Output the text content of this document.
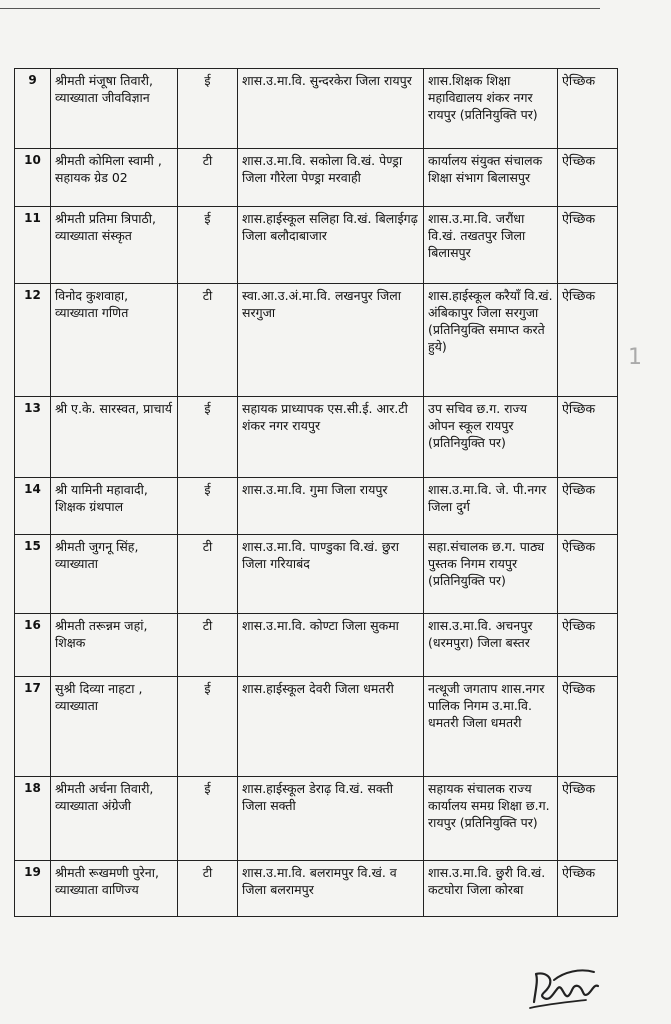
9	श्रीमती मंजूषा तिवारी, व्याख्याता जीवविज्ञान	ई	शास.उ.मा.वि. सुन्दरकेरा जिला रायपुर	शास.शिक्षक शिक्षा महाविद्यालय शंकर नगर रायपुर (प्रतिनियुक्ति पर)	ऐच्छिक
10	श्रीमती कोमिला स्वामी , सहायक ग्रेड 02	टी	शास.उ.मा.वि. सकोला वि.खं. पेण्ड्रा जिला गौरेला पेण्ड्रा मरवाही	कार्यालय संयुक्त संचालक शिक्षा संभाग बिलासपुर	ऐच्छिक
11	श्रीमती प्रतिमा त्रिपाठी, व्याख्याता संस्कृत	ई	शास.हाईस्कूल सलिहा वि.खं. बिलाईगढ़ जिला बलौदाबाजार	शास.उ.मा.वि. जरौंधा वि.खं. तखतपुर जिला बिलासपुर	ऐच्छिक
12	विनोद कुशवाहा, व्याख्याता गणित	टी	स्वा.आ.उ.अं.मा.वि. लखनपुर जिला सरगुजा	शास.हाईस्कूल करैयाँ वि.खं. अंबिकापुर जिला सरगुजा (प्रतिनियुक्ति समाप्त करते हुये)	ऐच्छिक
13	श्री ए.के. सारस्वत, प्राचार्य	ई	सहायक प्राध्यापक एस.सी.ई. आर.टी शंकर नगर रायपुर	उप सचिव छ.ग. राज्य ओपन स्कूल रायपुर (प्रतिनियुक्ति पर)	ऐच्छिक
14	श्री यामिनी महावादी, शिक्षक ग्रंथपाल	ई	शास.उ.मा.वि. गुमा जिला रायपुर	शास.उ.मा.वि. जे. पी.नगर जिला दुर्ग	ऐच्छिक
15	श्रीमती जुगनू सिंह, व्याख्याता	टी	शास.उ.मा.वि. पाण्डुका वि.खं. छुरा जिला गरियाबंद	सहा.संचालक छ.ग. पाठ्य पुस्तक निगम रायपुर (प्रतिनियुक्ति पर)	ऐच्छिक
16	श्रीमती तरून्नम जहां, शिक्षक	टी	शास.उ.मा.वि. कोण्टा जिला सुकमा	शास.उ.मा.वि. अचनपुर (धरमपुरा) जिला बस्तर	ऐच्छिक
17	सुश्री दिव्या नाहटा , व्याख्याता	ई	शास.हाईस्कूल देवरी जिला धमतरी	नत्थूजी जगताप शास.नगर पालिक निगम उ.मा.वि. धमतरी जिला धमतरी	ऐच्छिक
18	श्रीमती अर्चना तिवारी, व्याख्याता अंग्रेजी	ई	शास.हाईस्कूल डेराढ़ वि.खं. सक्ती जिला सक्ती	सहायक संचालक राज्य कार्यालय समग्र शिक्षा छ.ग. रायपुर (प्रतिनियुक्ति पर)	ऐच्छिक
19	श्रीमती रूखमणी पुरेना, व्याख्याता वाणिज्य	टी	शास.उ.मा.वि. बलरामपुर वि.खं. व जिला बलरामपुर	शास.उ.मा.वि. छुरी वि.खं. कटघोरा जिला कोरबा	ऐच्छिक
1
